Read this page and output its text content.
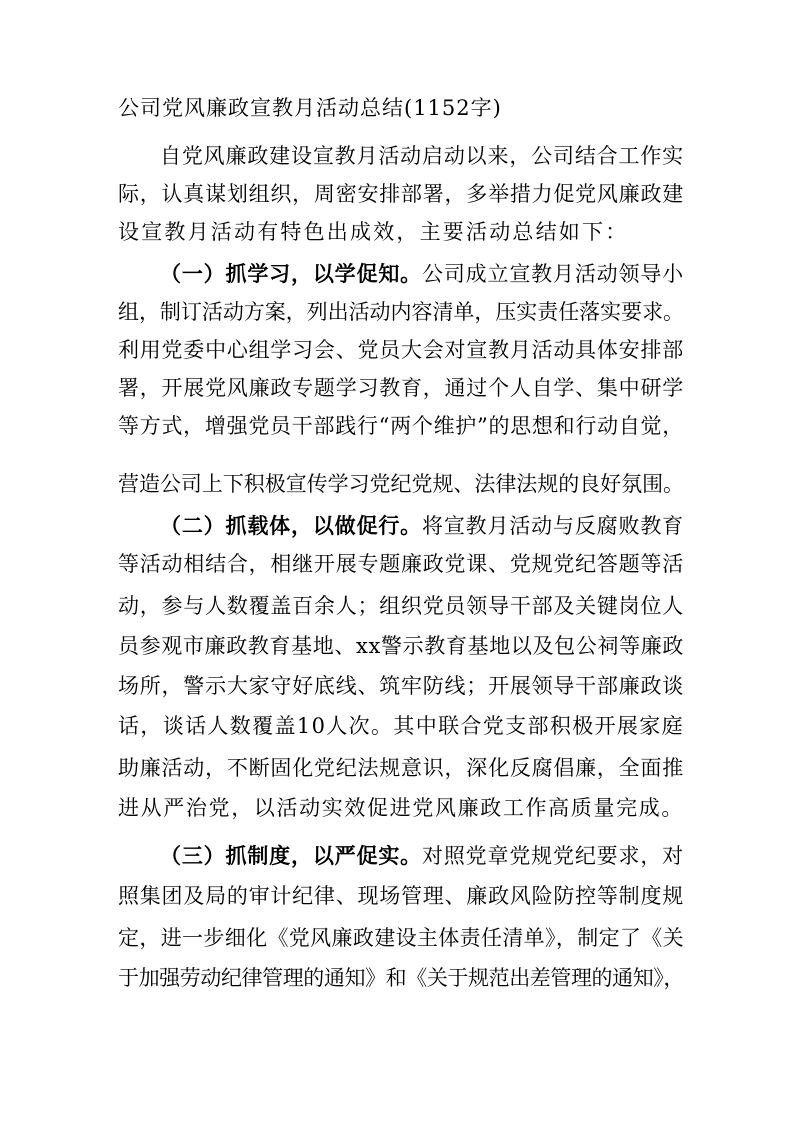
公司党风廉政宣教月活动总结(1152字)
自党风廉政建设宣教月活动启动以来，公司结合工作实
际，认真谋划组织，周密安排部署，多举措力促党风廉政建
设宣教月活动有特色出成效，主要活动总结如下：
（一）抓学习，以学促知。公司成立宣教月活动领导小
组，制订活动方案，列出活动内容清单，压实责任落实要求。
利用党委中心组学习会、党员大会对宣教月活动具体安排部
署，开展党风廉政专题学习教育，通过个人自学、集中研学
等方式，增强党员干部践行“两个维护”的思想和行动自觉，
营造公司上下积极宣传学习党纪党规、法律法规的良好氛围。
（二）抓载体，以做促行。将宣教月活动与反腐败教育
等活动相结合，相继开展专题廉政党课、党规党纪答题等活
动，参与人数覆盖百余人；组织党员领导干部及关键岗位人
员参观市廉政教育基地、xx警示教育基地以及包公祠等廉政
场所，警示大家守好底线、筑牢防线；开展领导干部廉政谈
话，谈话人数覆盖10人次。其中联合党支部积极开展家庭
助廉活动，不断固化党纪法规意识，深化反腐倡廉，全面推
进从严治党，以活动实效促进党风廉政工作高质量完成。
（三）抓制度，以严促实。对照党章党规党纪要求，对
照集团及局的审计纪律、现场管理、廉政风险防控等制度规
定，进一步细化《党风廉政建设主体责任清单》，制定了《关
于加强劳动纪律管理的通知》和《关于规范出差管理的通知》，
